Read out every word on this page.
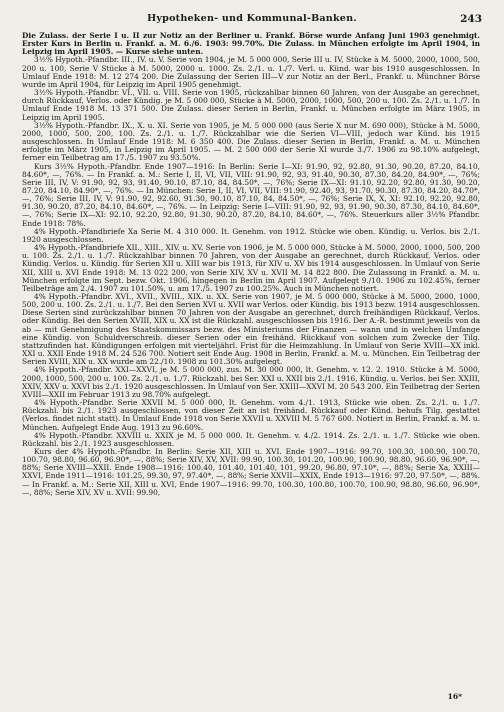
Hypotheken- und Kommunal-Banken.	243

Die Zulass. der Serie I u. II zur Notiz an der Berliner u. Frankf. Börse wurde Anfang Juni 1903 genehmigt. Erster Kurs in Berlin u. Frankf. a. M. 6./6. 1903: 99.70%. Die Zulass. in München erfolgte im April 1904, in Leipzig im April 1905. — Kurse siehe unten.

3½% Hypoth.-Pfandbr. III., IV. u. V. Serie von 1904, je M. 5 000 000, Serie III u. IV, Stücke à M. 5000, 2000, 1000, 500, 200 u. 100, Serie V Stücke à M. 5000, 2000 u. 1000. Zs. 2./1. u. 1./7. Verl. u. Künd. war bis 1910 ausgeschlossen. In Umlauf Ende 1918: M. 12 274 200. Die Zulassung der Serien III—V zur Notiz an der Berl., Frankf. u. Münchner Börse wurde im April 1904, für Leipzig im April 1905 genehmigt.

3½% Hypoth.-Pfandbr. VI., VII. u. VIII. Serie von 1905, rückzahlbar binnen 60 Jahren, von der Ausgabe an gerechnet, durch Rückkauf, Verlos. oder Kündig. je M. 5 000 000, Stücke à M. 5000, 2000, 1000, 500, 200 u. 100. Zs. 2./1. u. 1./7. In Umlauf Ende 1918 M. 13 371 500. Die Zulass. dieser Serien in Berlin, Frankf. u. München erfolgte im März 1905, in Leipzig im April 1905.

3½% Hypoth.-Pfandbr. IX., X. u. XI. Serie von 1905, je M. 5 000 000 (aus Serie X nur M. 690 000), Stücke à M. 5000, 2000, 1000, 500, 200, 100. Zs. 2./1. u. 1./7. Rückzahlbar wie die Serien VI—VIII, jedoch war Künd. bis 1915 ausgeschlossen. In Umlauf Ende 1918: M. 6 350 400. Die Zulass. dieser Serien in Berlin, Frankf. a. M. u. München erfolgte im März 1905, in Leipzig im April 1905. — M. 2 500 000 der Serie XI wurde 3./7. 1906 zu 98.10% aufgelegt, ferner ein Teilbetrag am 17./5. 1907 zu 93.50%.

Kurs 3½% Hypoth.-Pfandbr. Ende 1907—1916: In Berlin: Serie I—XI: 91.90, 92, 92.80, 91.30, 90.20, 87.20, 84.10, 84.60*, —, 76%. — In Frankf. a. M.: Serie I, II, VI, VII, VIII: 91.90, 92, 93, 91.40, 90.30, 87.30, 84.20, 84.90*, —, 76%; Serie III, IV, V: 91.90, 92, 93, 91.40, 90.10, 87.10, 84, 84.50*, —, 76%; Serie IX—XI: 91.10, 92.20, 92.80, 91.30, 90.20, 87.20, 84.10, 84.90*, —, 76%. — In München: Serie I, II, VI, VII, VIII: 91.90, 92.40, 93, 91.70, 90.30, 87.30, 84.20, 84.70*, —, 76%; Serie III, IV, V: 91.90, 92, 92.60, 91.30, 90.10, 87.10, 84, 84.50*, —, 76%; Serie IX, X, XI: 92.10, 92.20, 92.80, 91.30, 90.20, 87.20, 84.10, 84.60*, —, 76%. — In Leipzig: Serie I—VIII: 91.90, 92, 93, 91.90, 90.30, 87.30, 84.10, 84.60*, —, 76%; Serie IX—XI: 92.10, 92.20, 92.80, 91.30, 90.20, 87.20, 84.10, 84.60*, —, 76%. Steuerkurs aller 3½% Pfandbr. Ende 1918: 78%.

4% Hypoth.-Pfandbriefe Xa Serie M. 4 310 000. It. Genehm. von 1912. Stücke wie oben. Kündig. u. Verlos. bis 2./1. 1920 ausgeschlossen.

4% Hypoth.-Pfandbriefe XII., XIII., XIV. u. XV. Serie von 1906, je M. 5 000 000, Stücke à M. 5000, 2000, 1000, 500, 200 u. 100. Zs. 2./1. u. 1./7. Rückzahlbar binnen 70 Jahren, von der Ausgabe an gerechnet, durch Rückkauf, Verlos. oder Kündig. Verlos. u. Kündig. für Serien XII u. XIII war bis 1913, für XIV u. XV bis 1914 ausgeschlossen. In Umlauf von Serie XII, XIII u. XVI Ende 1918: M. 13 022 200, von Serie XIV, XV u. XVII M. 14 822 800. Die Zulassung in Frankf. a. M. u. München erfolgte im Sept. bezw. Okt. 1906, hingegen in Berlin im April 1907. Aufgelegt 9./10. 1906 zu 102.45%, ferner Teilbeträge am 2./4. 1907 zu 101.50%, u. am 17./5. 1907 zu 100.25%. Auch in München notiert.

4% Hypoth.-Pfandbr. XVI., XVII., XVIII., XIX. u. XX. Serie von 1907, je M. 5 000 000, Stücke à M. 5000, 2000, 1000, 500, 200 u. 100. Zs. 2./1. u. 1./7. Bei den Serien XVI u. XVII war Verlos. oder Kündig. bis 1913 bezw. 1914 ausgeschlossen. Diese Serien sind zurückzahlbar binnen 70 Jahren von der Ausgabe an gerechnet, durch freihändigen Rückkauf, Verlos. oder Kündig. Bei den Serien XVIII, XIX u. XX ist die Rückzahl. ausgeschlossen bis 1916. Der A.-R. bestimmt jeweils von da ab — mit Genehmigung des Staatskommissars bezw. des Ministeriums der Finanzen — wann und in welchen Umfange eine Kündig. von Schuldverschreib. dieser Serien oder ein freihänd. Rückkauf von solchen zum Zwecke der Tilg. stattzufinden hat. Kündigungen erfolgen mit vierteljährl. Frist für die Heimzahlung. In Umlauf von Serie XVIII—XX inkl. XXI u. XXII Ende 1918 M. 24 526 700. Notiert seit Ende Aug. 1908 in Berlin, Frankf. a. M. u. München. Ein Teilbetrag der Serien XVIII, XIX u. XX wurde am 22./10. 1908 zu 101.30% aufgelegt.

4% Hypoth.-Pfandbr. XXI—XXVI, je M. 5 000 000, zus. M. 30 000 000, lt. Genehm. v. 12. 2. 1910. Stücke à M. 5000, 2000, 1000, 500, 200 u. 100. Zs. 2./1. u. 1./7. Rückzahl. bei Ser. XXI u. XXII bis 2./1. 1916, Kündig. u. Verlos. bei Ser. XXIII, XXIV, XXV u. XXVI bis 2./1. 1920 ausgeschlossen. In Umlauf von Ser. XXIII—XXVI M. 20 543 200. Ein Teilbetrag der Serien XVIII—XXII im Februar 1913 zu 98.70% aufgelegt.

4% Hypoth.-Pfandbr. Serie XXVII M. 5 000 000, It. Genehm. vom 4./1. 1913, Stücke wie oben. Zs. 2./1. u. 1./7. Rückzahl. bis 2./1. 1923 ausgeschlossen, von dieser Zeit an ist freihänd. Rückkauf oder Künd. behufs Tilg. gestattet (Verlos. findet nicht statt). In Umlauf Ende 1918 von Serie XXVII u. XXVIII M. 5 767 600. Notiert in Berlin, Frankf. a. M. u. München. Aufgelegt Ende Aug. 1913 zu 96.60%.

4% Hypoth.-Pfandbr. XXVIII u. XXIX je M. 5 000 000. It. Genehm. v. 4./2. 1914. Zs. 2./1. u. 1./7. Stücke wie oben. Rückzahl. bis 2./1. 1923 ausgeschlossen.

Kurs der 4% Hypoth.-Pfandbr. In Berlin: Serie XII, XIII u. XVI. Ende 1907—1916: 99.70, 100.30, 100.90, 100.70, 100.70, 98.80, 96.60, 96.90*, —, 88%; Serie XIV, XV, XVII: 99.90, 100.30, 101.20, 100.90, 100.90, 98.80, 96.60, 96.90*, —, 88%; Serie XVIII—XXII. Ende 1908—1916: 100.40, 101.40, 101.40, 101, 99.20, 96.80, 97.10*, —, 88%; Serie Xa, XXIII—XXVI, Ende 1911—1916: 101.25, 99.30, 97, 97.40*, —, 88%; Serie XXVII—XXIX, Ende 1913—1916: 97.20, 97.50*, —, 88%. — In Frankf. a. M.: Serie XII, XIII u. XVI, Ende 1907—1916: 99.70, 100.30, 100.80, 100.70, 100.90, 98.80, 96.60, 96.90*, —, 88%; Serie XIV, XV u. XVII: 99.90,

16*
